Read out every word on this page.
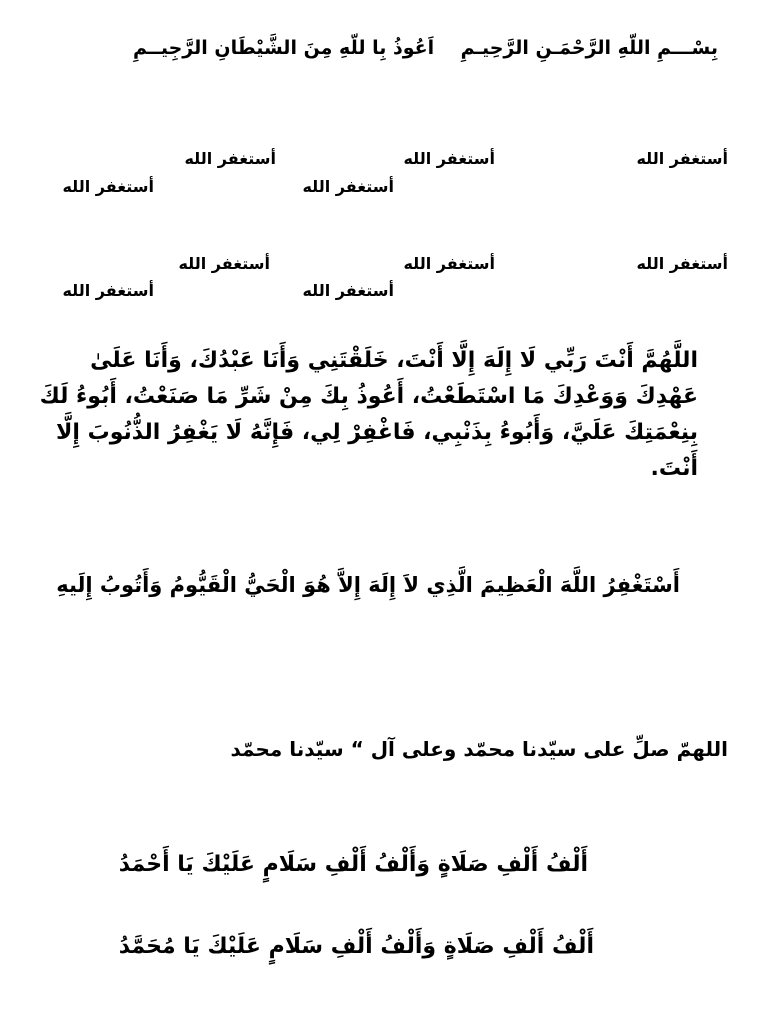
بِسْـــمِ اللّهِ الرَّحْمَـنِ الرَّحِيـمِ    اَعُوذُ بِا للّهِ مِنَ الشَّيْطَانِ الرَّجِيــمِ
أستغفر الله
أستغفر الله
أستغفر الله
أستغفر الله
أستغفر الله
أستغفر الله
أستغفر الله
أستغفر الله
أستغفر الله
أستغفر الله
اللَّهُمَّ أَنْتَ رَبِّي لَا إِلَهَ إِلَّا أَنْتَ، خَلَقْتَنِي وَأَنَا عَبْدُكَ، وَأَنَا عَلَىٰ عَهْدِكَ وَوَعْدِكَ مَا اسْتَطَعْتُ، أَعُوذُ بِكَ مِنْ شَرِّ مَا صَنَعْتُ، أَبُوءُ لَكَ بِنِعْمَتِكَ عَلَيَّ، وَأَبُوءُ بِذَنْبِي، فَاغْفِرْ لِي، فَإِنَّهُ لَا يَغْفِرُ الذُّنُوبَ إِلَّا أَنْتَ.
أَسْتَغْفِرُ اللَّهَ الْعَظِيمَ الَّذِي لاَ إِلَهَ إِلاَّ هُوَ الْحَيُّ الْقَيُّومُ وَأَتُوبُ إِلَيهِ
اللهمّ صلِّ على سيّدنا محمّد وعلى آل “ سيّدنا محمّد
أَلْفُ أَلْفِ صَلَاةٍ وَأَلْفُ أَلْفِ سَلَامٍ عَلَيْكَ يَا أَحْمَدُ
أَلْفُ أَلْفِ صَلَاةٍ وَأَلْفُ أَلْفِ سَلَامٍ عَلَيْكَ يَا مُحَمَّدُ
